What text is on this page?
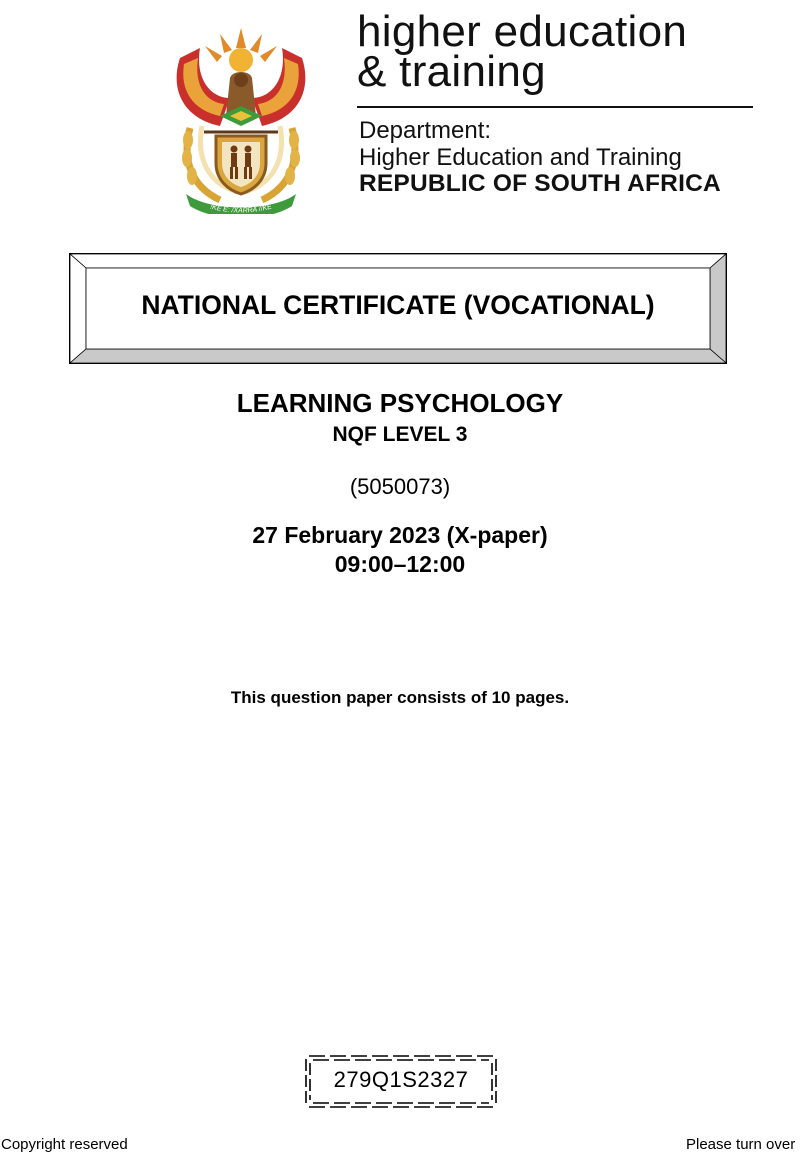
!KE E: /XARRA //KE
higher education
& training
Department:
Higher Education and Training
REPUBLIC OF SOUTH AFRICA
NATIONAL CERTIFICATE (VOCATIONAL)
LEARNING PSYCHOLOGY
NQF LEVEL 3
(5050073)
27 February 2023 (X-paper)
09:00–12:00
This question paper consists of 10 pages.
279Q1S2327
Copyright reserved	Please turn over
